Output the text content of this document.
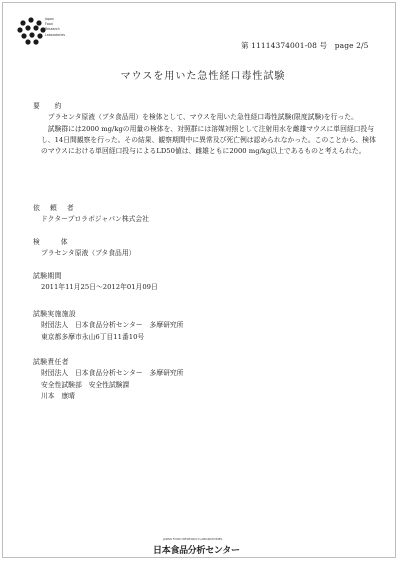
Japan
Food
Research
Laboratories
第 11114374001-08 号　page 2/5
マウスを用いた急性経口毒性試験
要　約
　プラセンタ原液（ブタ食品用）を検体として、マウスを用いた急性経口毒性試験(限度試験)を行った。
　試験群には2000 mg/kgの用量の検体を、対照群には溶媒対照として注射用水を雌雄マウスに単回経口投与し、14日間観察を行った。その結果、観察期間中に異常及び死亡例は認められなかった。このことから、検体のマウスにおける単回経口投与によるLD50値は、雌雄ともに2000 mg/kg以上であるものと考えられた。
依 頼 者
ドクタープロラボジャパン株式会社
検　 体
プラセンタ原液（ブタ食品用）
試験期間
2011年11月25日～2012年01月09日
試験実施施設
財団法人　日本食品分析センター　多摩研究所
東京都多摩市永山6丁目11番10号
試験責任者
財団法人　日本食品分析センター　多摩研究所
安全性試験部　安全性試験課
川本　康晴
JAPAN FOOD RESEARCH LABORATORIES
日本食品分析センター
